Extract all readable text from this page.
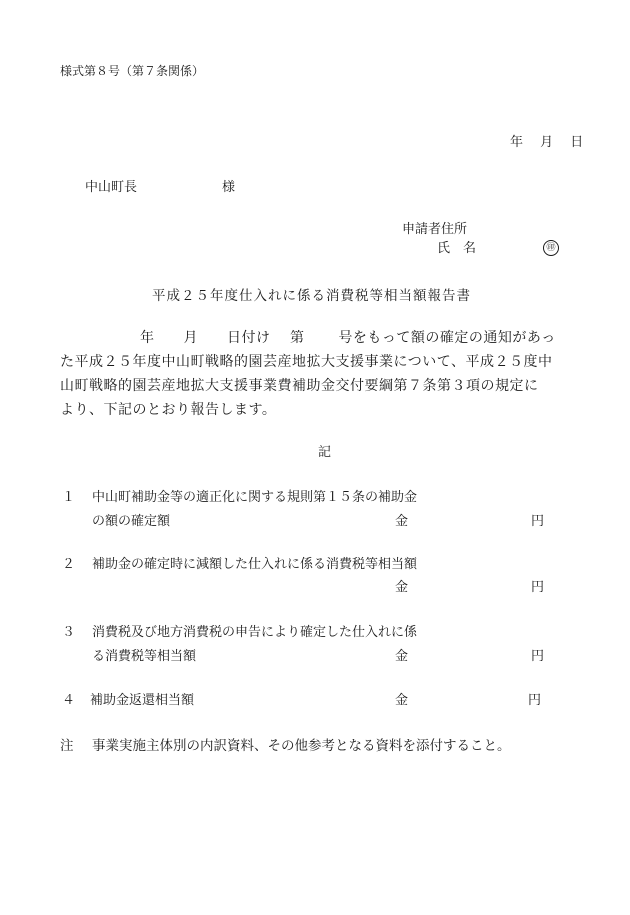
様式第８号（第７条関係）
年　 月　 日
中山町長	様
申請者住所
氏　名	㊞
平成２５年度仕入れに係る消費税等相当額報告書
年　　月　　日付け　 第　　 号をもって額の確定の通知があっ
た平成２５年度中山町戦略的園芸産地拡大支援事業について、平成２５度中
山町戦略的園芸産地拡大支援事業費補助金交付要綱第７条第３項の規定に
より、下記のとおり報告します。
記
１ 中山町補助金等の適正化に関する規則第１５条の補助金
の額の確定額	金	円
２ 補助金の確定時に減額した仕入れに係る消費税等相当額
金	円
３ 消費税及び地方消費税の申告により確定した仕入れに係
る消費税等相当額	金	円
４ 補助金返還相当額	金	円
注 事業実施主体別の内訳資料、その他参考となる資料を添付すること。
